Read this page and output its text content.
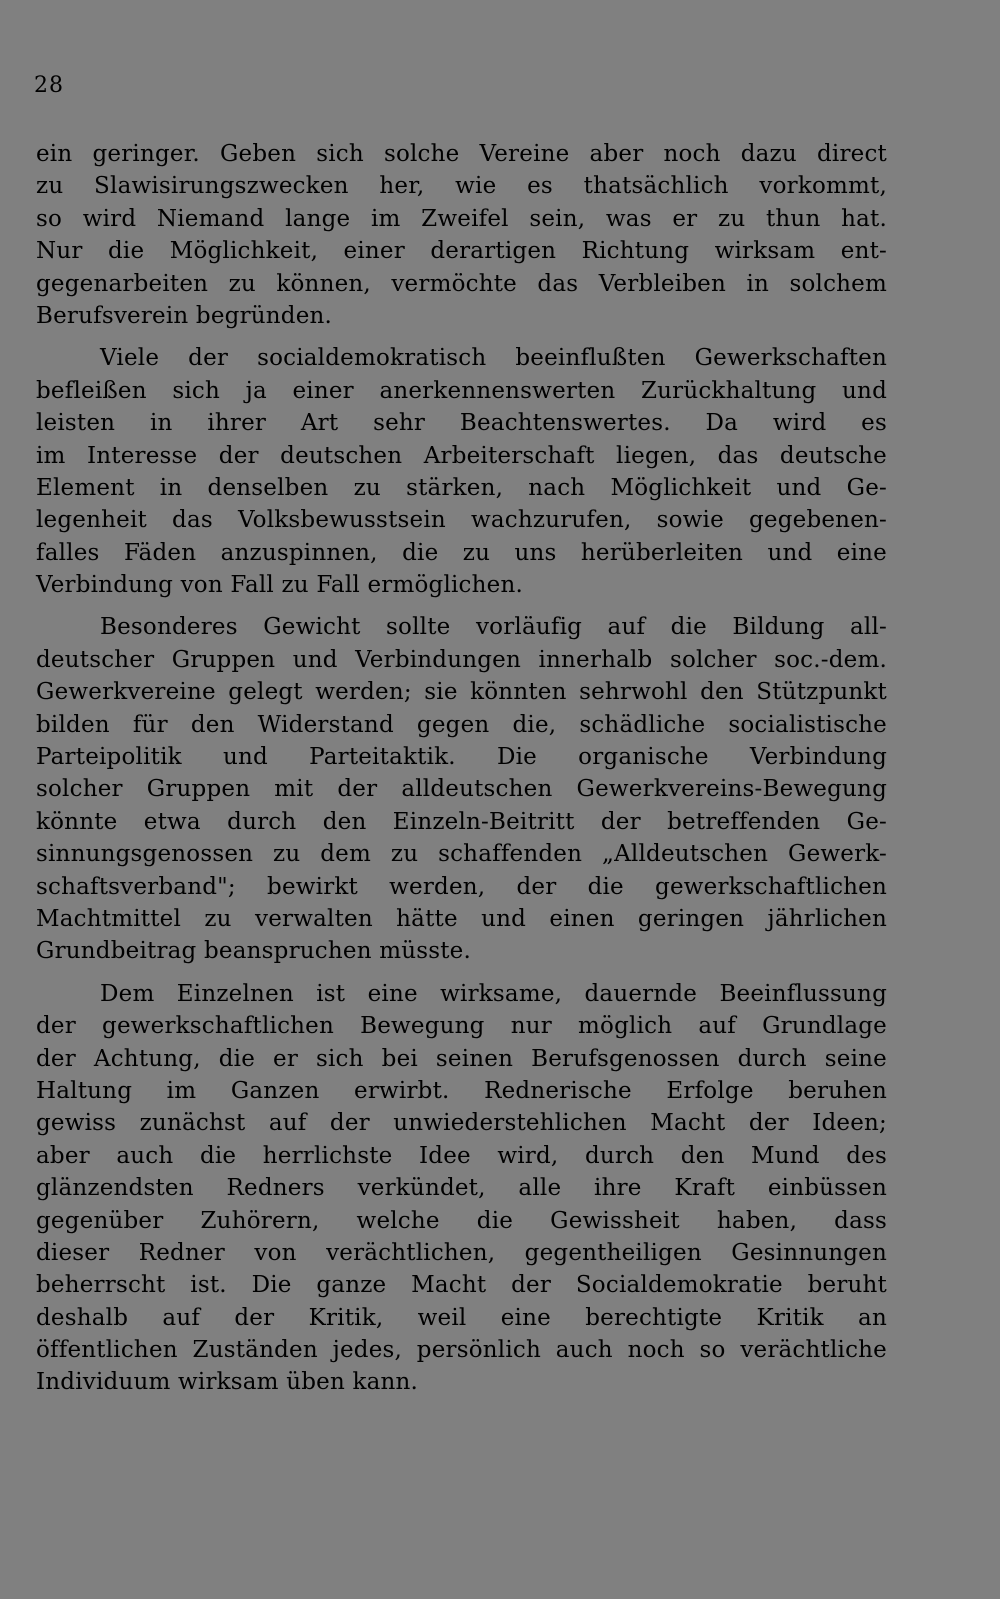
28
ein geringer. Geben sich solche Vereine aber noch dazu direct
zu Slawisirungszwecken her, wie es thatsächlich vorkommt,
so wird Niemand lange im Zweifel sein, was er zu thun hat.
Nur die Möglichkeit, einer derartigen Richtung wirksam ent-
gegenarbeiten zu können, vermöchte das Verbleiben in solchem
Berufsverein begründen.
Viele der socialdemokratisch beeinflußten Gewerkschaften
befleißen sich ja einer anerkennenswerten Zurückhaltung und
leisten in ihrer Art sehr Beachtenswertes. Da wird es
im Interesse der deutschen Arbeiterschaft liegen, das deutsche
Element in denselben zu stärken, nach Möglichkeit und Ge-
legenheit das Volksbewusstsein wachzurufen, sowie gegebenen-
falles Fäden anzuspinnen, die zu uns herüberleiten und eine
Verbindung von Fall zu Fall ermöglichen.
Besonderes Gewicht sollte vorläufig auf die Bildung all-
deutscher Gruppen und Verbindungen innerhalb solcher soc.-dem.
Gewerkvereine gelegt werden; sie könnten sehrwohl den Stützpunkt
bilden für den Widerstand gegen die, schädliche socialistische
Parteipolitik und Parteitaktik. Die organische Verbindung
solcher Gruppen mit der alldeutschen Gewerkvereins-Bewegung
könnte etwa durch den Einzeln-Beitritt der betreffenden Ge-
sinnungsgenossen zu dem zu schaffenden „Alldeutschen Gewerk-
schaftsverband"; bewirkt werden, der die gewerkschaftlichen
Machtmittel zu verwalten hätte und einen geringen jährlichen
Grundbeitrag beanspruchen müsste.
Dem Einzelnen ist eine wirksame, dauernde Beeinflussung
der gewerkschaftlichen Bewegung nur möglich auf Grundlage
der Achtung, die er sich bei seinen Berufsgenossen durch seine
Haltung im Ganzen erwirbt. Rednerische Erfolge beruhen
gewiss zunächst auf der unwiederstehlichen Macht der Ideen;
aber auch die herrlichste Idee wird, durch den Mund des
glänzendsten Redners verkündet, alle ihre Kraft einbüssen
gegenüber Zuhörern, welche die Gewissheit haben, dass
dieser Redner von verächtlichen, gegentheiligen Gesinnungen
beherrscht ist. Die ganze Macht der Socialdemokratie beruht
deshalb auf der Kritik, weil eine berechtigte Kritik an
öffentlichen Zuständen jedes, persönlich auch noch so verächtliche
Individuum wirksam üben kann.
